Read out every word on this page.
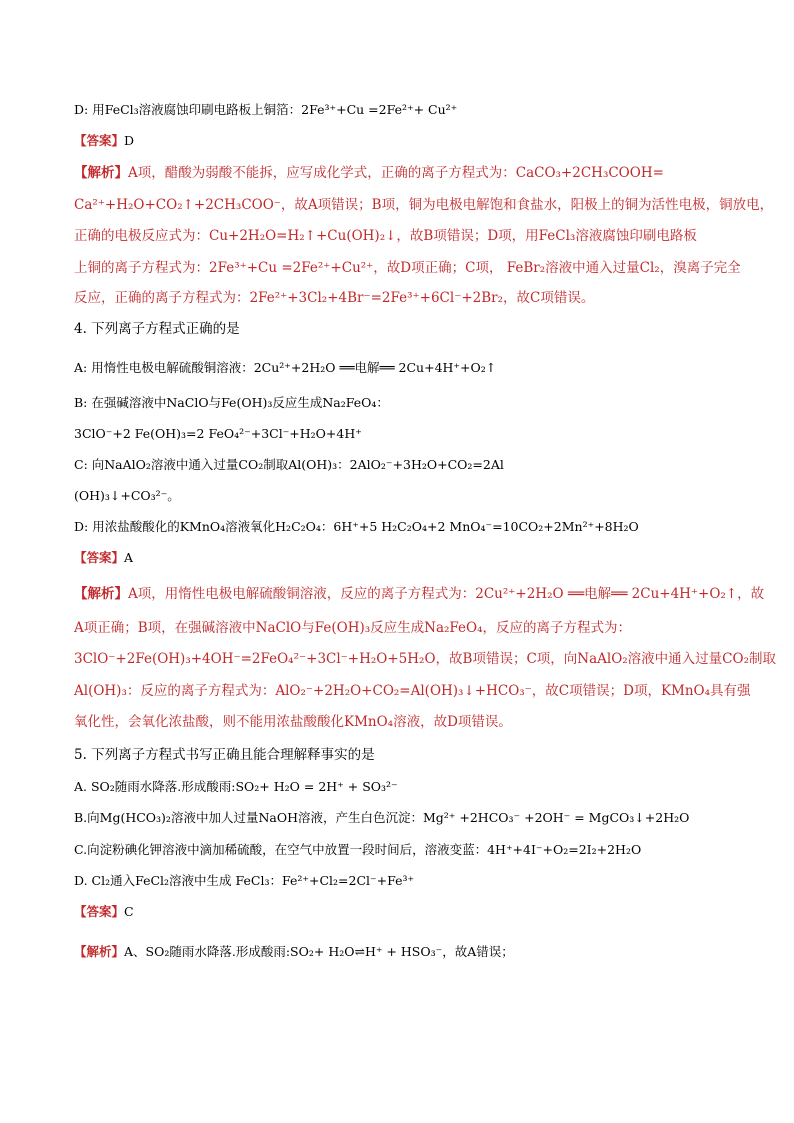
D: 用FeCl₃溶液腐蚀印刷电路板上铜箔：2Fe³⁺+Cu =2Fe²⁺+ Cu²⁺
【答案】D
【解析】A项，醋酸为弱酸不能拆，应写成化学式，正确的离子方程式为：CaCO₃+2CH₃COOH=
Ca²⁺+H₂O+CO₂↑+2CH₃COO⁻，故A项错误；B项，铜为电极电解饱和食盐水，阳极上的铜为活性电极，铜放电，
正确的电极反应式为：Cu+2H₂O=H₂↑+Cu(OH)₂↓，故B项错误；D项，用FeCl₃溶液腐蚀印刷电路板
上铜的离子方程式为：2Fe³⁺+Cu =2Fe²⁺+Cu²⁺，故D项正确；C项， FeBr₂溶液中通入过量Cl₂，溴离子完全
反应，正确的离子方程式为：2Fe²⁺+3Cl₂+4Br⁻=2Fe³⁺+6Cl⁻+2Br₂，故C项错误。
4. 下列离子方程式正确的是
A: 用惰性电极电解硫酸铜溶液：2Cu²⁺+2H₂O ══电解══ 2Cu+4H⁺+O₂↑
B: 在强碱溶液中NaClO与Fe(OH)₃反应生成Na₂FeO₄：
3ClO⁻+2 Fe(OH)₃=2 FeO₄²⁻+3Cl⁻+H₂O+4H⁺
C: 向NaAlO₂溶液中通入过量CO₂制取Al(OH)₃：2AlO₂⁻+3H₂O+CO₂=2Al
(OH)₃↓+CO₃²⁻。
D: 用浓盐酸酸化的KMnO₄溶液氧化H₂C₂O₄：6H⁺+5 H₂C₂O₄+2 MnO₄⁻=10CO₂+2Mn²⁺+8H₂O
【答案】A
【解析】A项，用惰性电极电解硫酸铜溶液，反应的离子方程式为：2Cu²⁺+2H₂O ══电解══ 2Cu+4H⁺+O₂↑，故
A项正确；B项，在强碱溶液中NaClO与Fe(OH)₃反应生成Na₂FeO₄，反应的离子方程式为：
3ClO⁻+2Fe(OH)₃+4OH⁻=2FeO₄²⁻+3Cl⁻+H₂O+5H₂O，故B项错误；C项，向NaAlO₂溶液中通入过量CO₂制取
Al(OH)₃：反应的离子方程式为：AlO₂⁻+2H₂O+CO₂=Al(OH)₃↓+HCO₃⁻，故C项错误；D项，KMnO₄具有强
氧化性，会氧化浓盐酸，则不能用浓盐酸酸化KMnO₄溶液，故D项错误。
5. 下列离子方程式书写正确且能合理解释事实的是
A. SO₂随雨水降落.形成酸雨:SO₂+ H₂O = 2H⁺ + SO₃²⁻
B.向Mg(HCO₃)₂溶液中加人过量NaOH溶液，产生白色沉淀：Mg²⁺ +2HCO₃⁻ +2OH⁻ = MgCO₃↓+2H₂O
C.向淀粉碘化钾溶液中滴加稀硫酸，在空气中放置一段时间后，溶液变蓝：4H⁺+4I⁻+O₂=2I₂+2H₂O
D. Cl₂通入FeCl₂溶液中生成 FeCl₃：Fe²⁺+Cl₂=2Cl⁻+Fe³⁺
【答案】C
【解析】A、SO₂随雨水降落.形成酸雨:SO₂+ H₂O⇌H⁺ + HSO₃⁻，故A错误；
